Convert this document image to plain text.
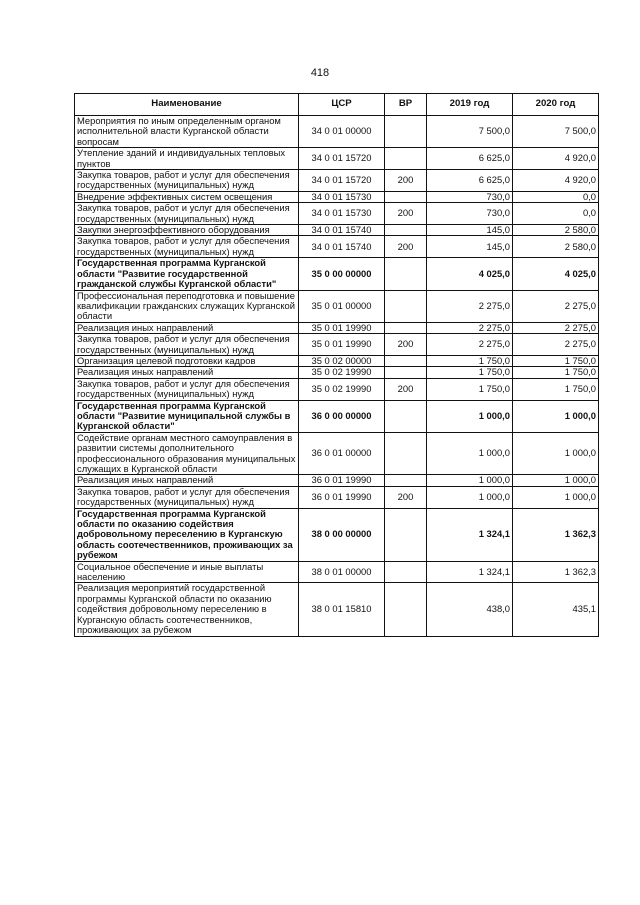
418
Наименование	ЦСР	ВР	2019 год	2020 год
Мероприятия по иным определенным органом исполнительной власти Курганской области вопросам	34 0 01 00000		7 500,0	7 500,0
Утепление зданий и индивидуальных тепловых пунктов	34 0 01 15720		6 625,0	4 920,0
Закупка товаров, работ и услуг для обеспечения государственных (муниципальных) нужд	34 0 01 15720	200	6 625,0	4 920,0
Внедрение эффективных систем освещения	34 0 01 15730		730,0	0,0
Закупка товаров, работ и услуг для обеспечения государственных (муниципальных) нужд	34 0 01 15730	200	730,0	0,0
Закупки энергоэффективного оборудования	34 0 01 15740		145,0	2 580,0
Закупка товаров, работ и услуг для обеспечения государственных (муниципальных) нужд	34 0 01 15740	200	145,0	2 580,0
Государственная программа Курганской области "Развитие государственной гражданской службы Курганской области"	35 0 00 00000		4 025,0	4 025,0
Профессиональная переподготовка и повышение квалификации гражданских служащих Курганской области	35 0 01 00000		2 275,0	2 275,0
Реализация иных направлений	35 0 01 19990		2 275,0	2 275,0
Закупка товаров, работ и услуг для обеспечения государственных (муниципальных) нужд	35 0 01 19990	200	2 275,0	2 275,0
Организация целевой подготовки кадров	35 0 02 00000		1 750,0	1 750,0
Реализация иных направлений	35 0 02 19990		1 750,0	1 750,0
Закупка товаров, работ и услуг для обеспечения государственных (муниципальных) нужд	35 0 02 19990	200	1 750,0	1 750,0
Государственная программа Курганской области "Развитие муниципальной службы в Курганской области"	36 0 00 00000		1 000,0	1 000,0
Содействие органам местного самоуправления в развитии системы дополнительного профессионального образования муниципальных служащих в Курганской области	36 0 01 00000		1 000,0	1 000,0
Реализация иных направлений	36 0 01 19990		1 000,0	1 000,0
Закупка товаров, работ и услуг для обеспечения государственных (муниципальных) нужд	36 0 01 19990	200	1 000,0	1 000,0
Государственная программа Курганской области по оказанию содействия добровольному переселению в Курганскую область соотечественников, проживающих за рубежом	38 0 00 00000		1 324,1	1 362,3
Социальное обеспечение и иные выплаты населению	38 0 01 00000		1 324,1	1 362,3
Реализация мероприятий государственной программы Курганской области по оказанию содействия добровольному переселению в Курганскую область соотечественников, проживающих за рубежом	38 0 01 15810		438,0	435,1
